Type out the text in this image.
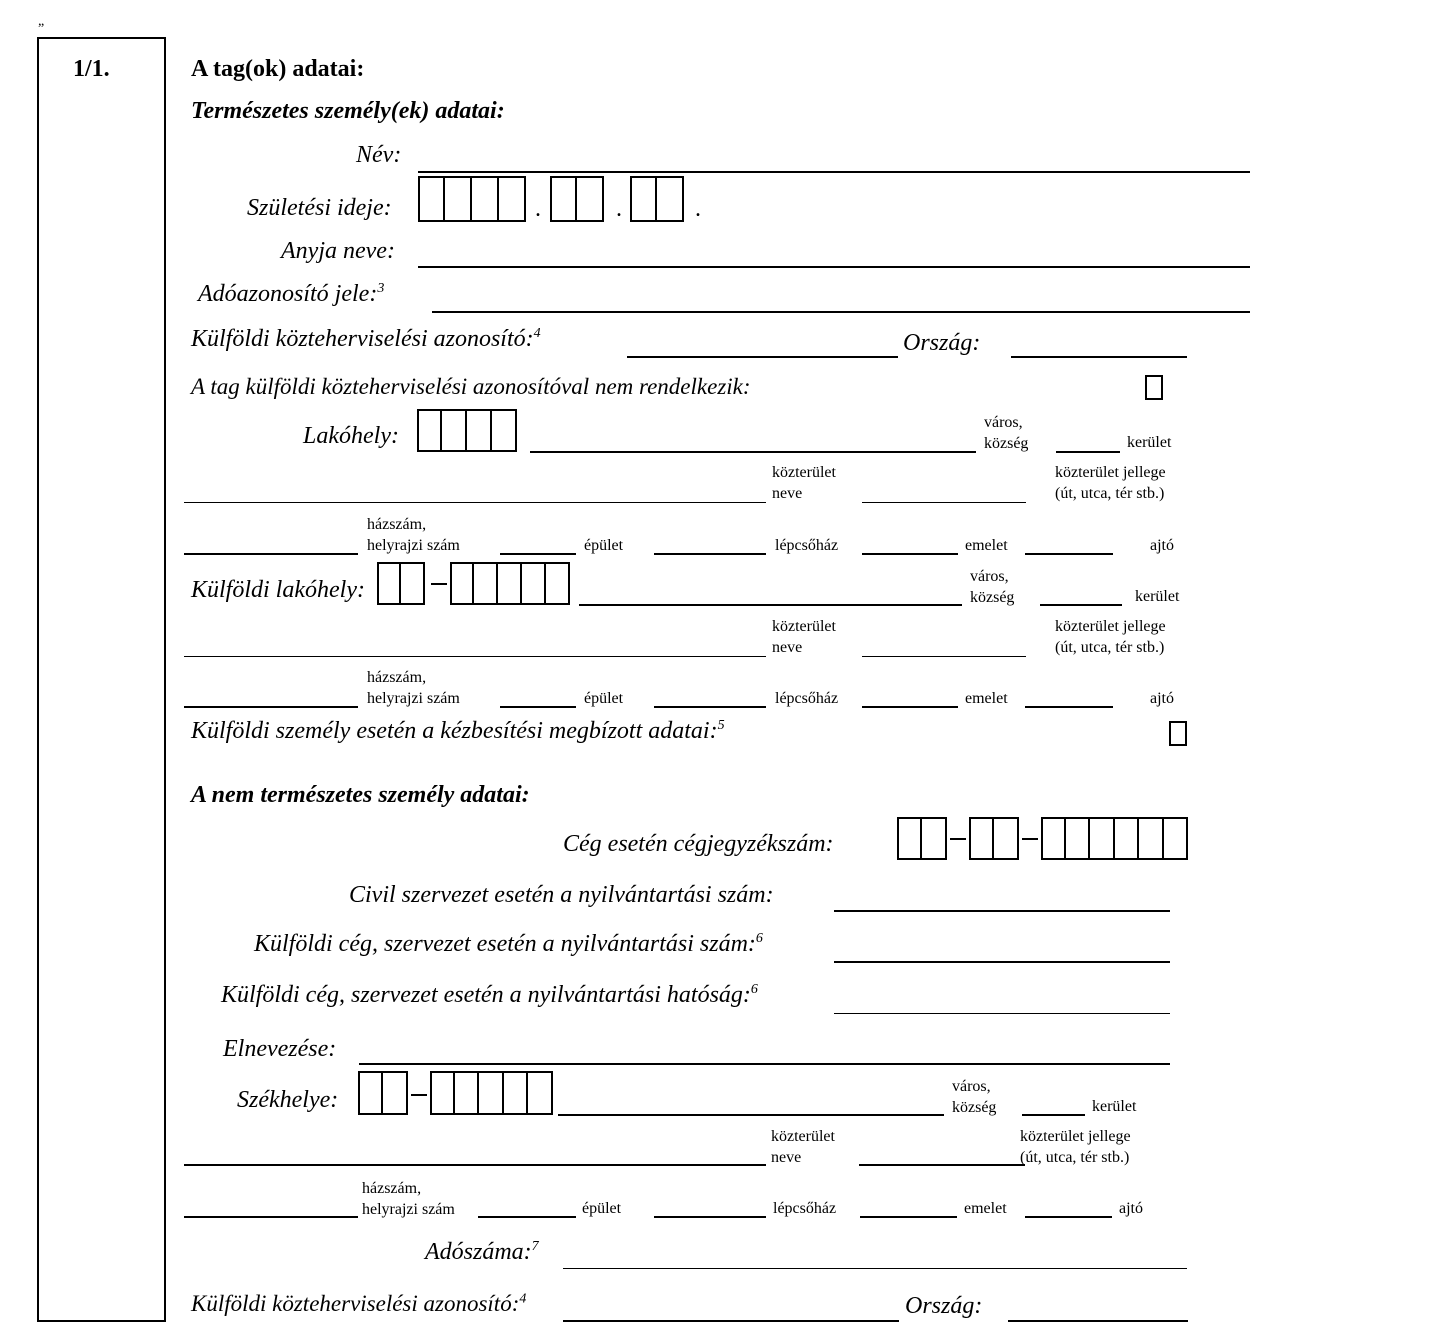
„
1/1.	A tag(ok) adatai:
Természetes személy(ek) adatai:
Név:
Születési ideje:	.	.	.
Anyja neve:
Adóazonosító jele:$^3$
Külföldi közteherviselési azonosító:$^4$	Ország:
A tag külföldi közteherviselési azonosítóval nem rendelkezik:
Lakóhely:
város,
község	kerület
közterület
neve
közterület jellege
(út, utca, tér stb.)
házszám,
helyrajzi szám	épület	lépcsőház	emelet	ajtó
Külföldi lakóhely:
város,
község	kerület
közterület
neve
közterület jellege
(út, utca, tér stb.)
házszám,
helyrajzi szám	épület	lépcsőház	emelet	ajtó
Külföldi személy esetén a kézbesítési megbízott adatai:$^5$
A nem természetes személy adatai:
Cég esetén cégjegyzékszám:
Civil szervezet esetén a nyilvántartási szám:
Külföldi cég, szervezet esetén a nyilvántartási szám:$^6$
Külföldi cég, szervezet esetén a nyilvántartási hatóság:$^6$
Elnevezése:
Székhelye:
város,
község	kerület
közterület
neve
közterület jellege
(út, utca, tér stb.)
házszám,
helyrajzi szám	épület	lépcsőház	emelet	ajtó
Adószáma:$^7$
Külföldi közteherviselési azonosító:$^4$	Ország:
